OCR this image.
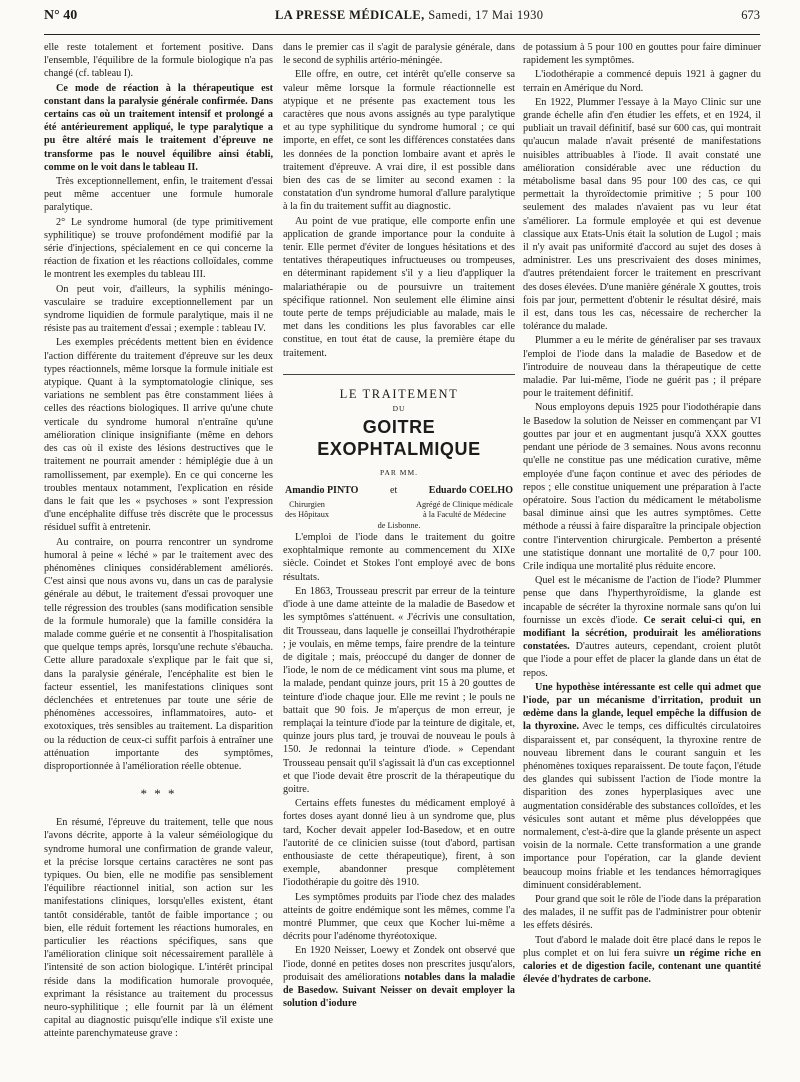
N° 40	LA PRESSE MÉDICALE, Samedi, 17 Mai 1930	673

elle reste totalement et fortement positive. Dans l'ensemble, l'équilibre de la formule biologique n'a pas changé (cf. tableau I).

Ce mode de réaction à la thérapeutique est constant dans la paralysie générale confirmée. Dans certains cas où un traitement intensif et prolongé a été antérieurement appliqué, le type paralytique a pu être altéré mais le traitement d'épreuve ne transforme pas le nouvel équilibre ainsi établi, comme on le voit dans le tableau II.

Très exceptionnellement, enfin, le traitement d'essai peut même accentuer une formule humorale paralytique.

2° Le syndrome humoral (de type primitivement syphilitique) se trouve profondément modifié par la série d'injections, spécialement en ce qui concerne la réaction de fixation et les réactions colloïdales, comme le montrent les exemples du tableau III.

On peut voir, d'ailleurs, la syphilis méningo-vasculaire se traduire exceptionnellement par un syndrome liquidien de formule paralytique, mais il ne résiste pas au traitement d'essai ; exemple : tableau IV.

Les exemples précédents mettent bien en évidence l'action différente du traitement d'épreuve sur les deux types réactionnels, même lorsque la formule initiale est atypique. Quant à la symptomatologie clinique, ses variations ne semblent pas être constamment liées à celles des réactions biologiques. Il arrive qu'une chute verticale du syndrome humoral n'entraîne qu'une amélioration clinique insignifiante (même en dehors des cas où il existe des lésions destructives que le traitement ne pourrait amender : hémiplégie due à un ramollissement, par exemple). En ce qui concerne les troubles mentaux notamment, l'explication en réside dans le fait que les « psychoses » sont l'expression d'une encéphalite diffuse très discrète que le processus résiduel suffit à entretenir.

Au contraire, on pourra rencontrer un syndrome humoral à peine « léché » par le traitement avec des phénomènes cliniques considérablement améliorés. C'est ainsi que nous avons vu, dans un cas de paralysie générale au début, le traitement d'essai provoquer une telle régression des troubles (sans modification sensible de la formule humorale) que la famille considéra la malade comme guérie et ne consentit à l'hospitalisation que quelque temps après, lorsqu'une rechute s'ébaucha. Cette allure paradoxale s'explique par le fait que si, dans la paralysie générale, l'encéphalite est bien le facteur essentiel, les manifestations cliniques sont déclenchées et entretenues par toute une série de phénomènes accessoires, inflammatoires, auto- et exotoxiques, très sensibles au traitement. La disparition ou la réduction de ceux-ci suffit parfois à entraîner une atténuation importante des symptômes, disproportionnée à l'amélioration réelle obtenue.

* * *

En résumé, l'épreuve du traitement, telle que nous l'avons décrite, apporte à la valeur séméiologique du syndrome humoral une confirmation de grande valeur, et la précise lorsque certains caractères ne sont pas typiques. Ou bien, elle ne modifie pas sensiblement l'équilibre réactionnel initial, son action sur les manifestations cliniques, lorsqu'elles existent, étant tantôt considérable, tantôt de faible importance ; ou bien, elle réduit fortement les réactions humorales, en particulier les réactions spécifiques, sans que l'amélioration clinique soit nécessairement parallèle à l'intensité de son action biologique. L'intérêt principal réside dans la modification humorale provoquée, exprimant la résistance au traitement du processus neuro-syphilitique ; elle fournit par là un élément capital au diagnostic puisqu'elle indique s'il existe une atteinte parenchymateuse grave :

dans le premier cas il s'agit de paralysie générale, dans le second de syphilis artério-méningée.

Elle offre, en outre, cet intérêt qu'elle conserve sa valeur même lorsque la formule réactionnelle est atypique et ne présente pas exactement tous les caractères que nous avons assignés au type paralytique et au type syphilitique du syndrome humoral ; ce qui importe, en effet, ce sont les différences constatées dans les données de la ponction lombaire avant et après le traitement d'épreuve. A vrai dire, il est possible dans bien des cas de se limiter au second examen : la constatation d'un syndrome humoral d'allure paralytique à la fin du traitement suffit au diagnostic.

Au point de vue pratique, elle comporte enfin une application de grande importance pour la conduite à tenir. Elle permet d'éviter de longues hésitations et des tentatives thérapeutiques infructueuses ou trompeuses, en déterminant rapidement s'il y a lieu d'appliquer la malariathérapie ou de poursuivre un traitement spécifique rationnel. Non seulement elle élimine ainsi toute perte de temps préjudiciable au malade, mais le met dans les conditions les plus favorables car elle constitue, en tout état de cause, la première étape du traitement.

LE TRAITEMENT
DU
GOITRE EXOPHTALMIQUE
PAR MM.
Amandio PINTO	et	Eduardo COELHO
Chirurgien
des Hôpitaux
Agrégé de Clinique médicale
à la Faculté de Médecine
de Lisbonne.

L'emploi de l'iode dans le traitement du goitre exophtalmique remonte au commencement du XIXe siècle. Coindet et Stokes l'ont employé avec de bons résultats.

En 1863, Trousseau prescrit par erreur de la teinture d'iode à une dame atteinte de la maladie de Basedow et les symptômes s'atténuent. « J'écrivis une consultation, dit Trousseau, dans laquelle je conseillai l'hydrothérapie ; je voulais, en même temps, faire prendre de la teinture de digitale ; mais, préoccupé du danger de donner de l'iode, le nom de ce médicament vint sous ma plume, et la malade, pendant quinze jours, prit 15 à 20 gouttes de teinture d'iode chaque jour. Elle me revint ; le pouls ne battait que 90 fois. Je m'aperçus de mon erreur, je remplaçai la teinture d'iode par la teinture de digitale, et, quinze jours plus tard, je trouvai de nouveau le pouls à 150. Je redonnai la teinture d'iode. » Cependant Trousseau pensait qu'il s'agissait là d'un cas exceptionnel et que l'iode devait être proscrit de la thérapeutique du goitre.

Certains effets funestes du médicament employé à fortes doses ayant donné lieu à un syndrome que, plus tard, Kocher devait appeler Iod-Basedow, et en outre l'autorité de ce clinicien suisse (tout d'abord, partisan enthousiaste de cette thérapeutique), firent, à son exemple, abandonner presque complètement l'iodothérapie du goitre dès 1910.

Les symptômes produits par l'iode chez des malades atteints de goitre endémique sont les mêmes, comme l'a montré Plummer, que ceux que Kocher lui-même a décrits pour l'adénome thyréotoxique.

En 1920 Neisser, Loewy et Zondek ont observé que l'iode, donné en petites doses non prescrites jusqu'alors, produisait des améliorations notables dans la maladie de Basedow. Suivant Neisser on devait employer la solution d'iodure

de potassium à 5 pour 100 en gouttes pour faire diminuer rapidement les symptômes.

L'iodothérapie a commencé depuis 1921 à gagner du terrain en Amérique du Nord.

En 1922, Plummer l'essaye à la Mayo Clinic sur une grande échelle afin d'en étudier les effets, et en 1924, il publiait un travail définitif, basé sur 600 cas, qui montrait qu'aucun malade n'avait présenté de manifestations nuisibles attribuables à l'iode. Il avait constaté une amélioration considérable avec une réduction du métabolisme basal dans 95 pour 100 des cas, ce qui permettait la thyroïdectomie primitive ; 5 pour 100 seulement des malades n'avaient pas vu leur état s'améliorer. La formule employée et qui est devenue classique aux Etats-Unis était la solution de Lugol ; mais il n'y avait pas uniformité d'accord au sujet des doses à administrer. Les uns prescrivaient des doses minimes, d'autres prétendaient forcer le traitement en prescrivant des doses élevées. D'une manière générale X gouttes, trois fois par jour, permettent d'obtenir le résultat désiré, mais il est, dans tous les cas, nécessaire de rechercher la tolérance du malade.

Plummer a eu le mérite de généraliser par ses travaux l'emploi de l'iode dans la maladie de Basedow et de l'introduire de nouveau dans la thérapeutique de cette maladie. Par lui-même, l'iode ne guérit pas ; il prépare pour le traitement définitif.

Nous employons depuis 1925 pour l'iodothérapie dans le Basedow la solution de Neisser en commençant par VI gouttes par jour et en augmentant jusqu'à XXX gouttes pendant une période de 3 semaines. Nous avons reconnu qu'elle ne constitue pas une médication curative, même employée d'une façon continue et avec des périodes de repos ; elle constitue uniquement une préparation à l'acte opératoire. Sous l'action du médicament le métabolisme basal diminue ainsi que les autres symptômes. Cette méthode a réussi à faire disparaître la principale objection contre l'intervention chirurgicale. Pemberton a présenté une statistique donnant une mortalité de 0,7 pour 100. Crile indiqua une mortalité plus réduite encore.

Quel est le mécanisme de l'action de l'iode? Plummer pense que dans l'hyperthyroïdisme, la glande est incapable de sécréter la thyroxine normale sans qu'on lui fournisse un excès d'iode. Ce serait celui-ci qui, en modifiant la sécrétion, produirait les améliorations constatées. D'autres auteurs, cependant, croient plutôt que l'iode a pour effet de placer la glande dans un état de repos.

Une hypothèse intéressante est celle qui admet que l'iode, par un mécanisme d'irritation, produit un œdème dans la glande, lequel empêche la diffusion de la thyroxine. Avec le temps, ces difficultés circulatoires disparaissent et, par conséquent, la thyroxine rentre de nouveau librement dans le courant sanguin et les phénomènes toxiques reparaissent. De toute façon, l'étude des glandes qui subissent l'action de l'iode montre la disparition des zones hyperplasiques avec une augmentation considérable des substances colloïdes, et les vésicules sont autant et même plus développées que normalement, c'est-à-dire que la glande présente un aspect voisin de la normale. Cette transformation a une grande importance pour l'opération, car la glande devient beaucoup moins friable et les tendances hémorragiques diminuent considérablement.

Pour grand que soit le rôle de l'iode dans la préparation des malades, il ne suffit pas de l'administrer pour obtenir les effets désirés.

Tout d'abord le malade doit être placé dans le repos le plus complet et on lui fera suivre un régime riche en calories et de digestion facile, contenant une quantité élevée d'hydrates de carbone.
